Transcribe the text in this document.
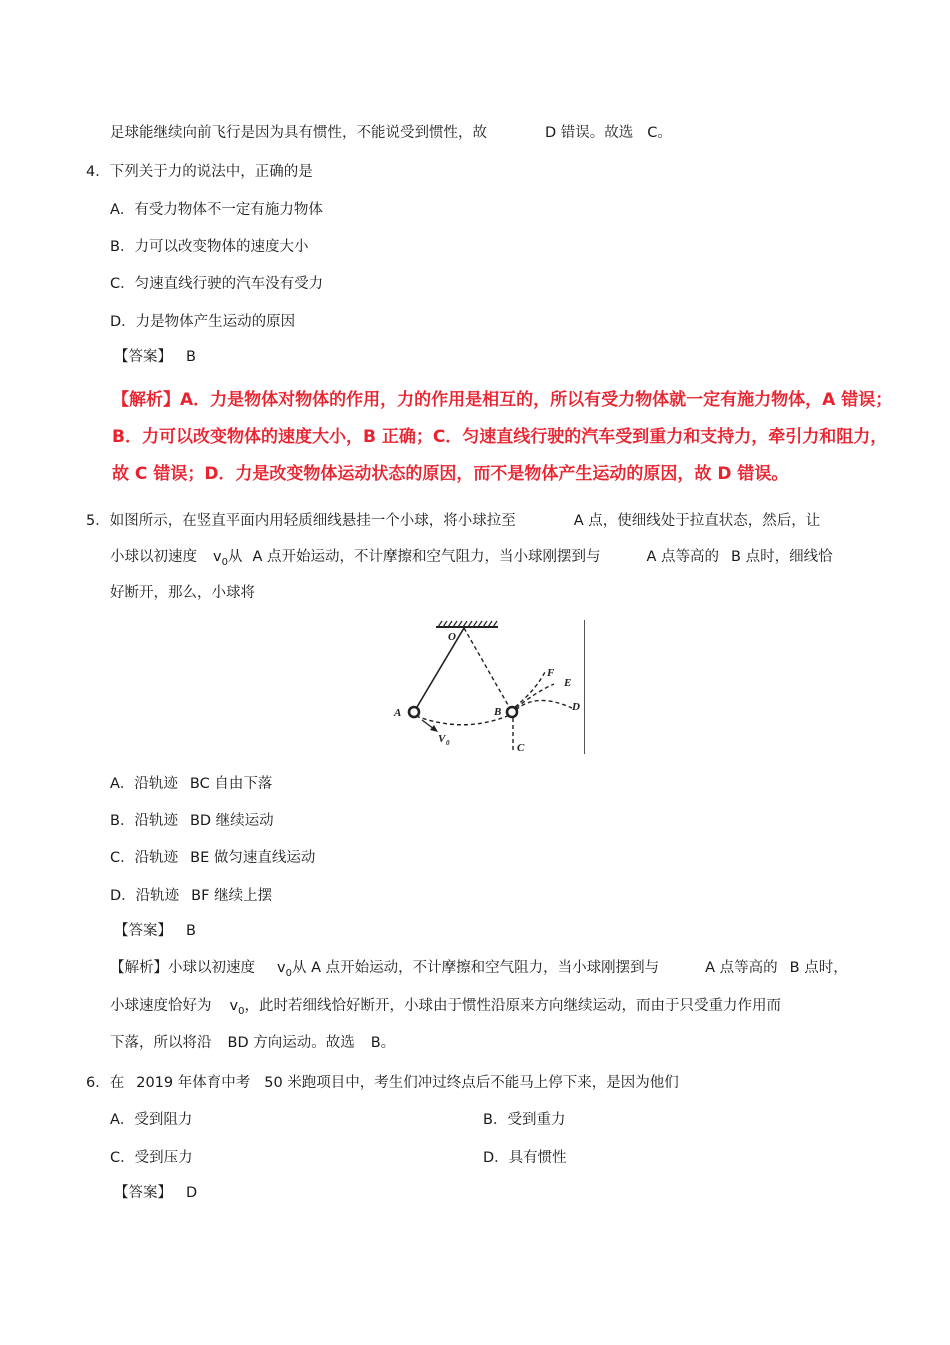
足球能继续向前飞行是因为具有惯性，不能说受到惯性，故	D 错误。故选 C。
4．下列关于力的说法中，正确的是
A．有受力物体不一定有施力物体
B．力可以改变物体的速度大小
C．匀速直线行驶的汽车没有受力
D．力是物体产生运动的原因
【答案】 B
【解析】A．力是物体对物体的作用，力的作用是相互的，所以有受力物体就一定有施力物体，A 错误；
B．力可以改变物体的速度大小，B 正确；C．匀速直线行驶的汽车受到重力和支持力，牵引力和阻力，
故 C 错误；D．力是改变物体运动状态的原因，而不是物体产生运动的原因，故 D 错误。
5．如图所示，在竖直平面内用轻质细线悬挂一个小球，将小球拉至	A 点，使细线处于拉直状态，然后，让
小球以初速度 $v_0$从 A 点开始运动，不计摩擦和空气阻力，当小球刚摆到与	A 点等高的 B 点时，细线恰
好断开，那么，小球将
O
A	B
C
D
E
F
V 0
A．沿轨迹 BC 自由下落
B．沿轨迹 BD 继续运动
C．沿轨迹 BE 做匀速直线运动
D．沿轨迹 BF 继续上摆
【答案】 B
【解析】小球以初速度 $v_0$从 A 点开始运动，不计摩擦和空气阻力，当小球刚摆到与	A 点等高的 B 点时，
小球速度恰好为 $v_0$，此时若细线恰好断开，小球由于惯性沿原来方向继续运动，而由于只受重力作用而
下落，所以将沿 BD 方向运动。故选 B。
6．在 2019 年体育中考 50 米跑项目中，考生们冲过终点后不能马上停下来，是因为他们
A．受到阻力	B．受到重力
C．受到压力	D．具有惯性
【答案】 D
